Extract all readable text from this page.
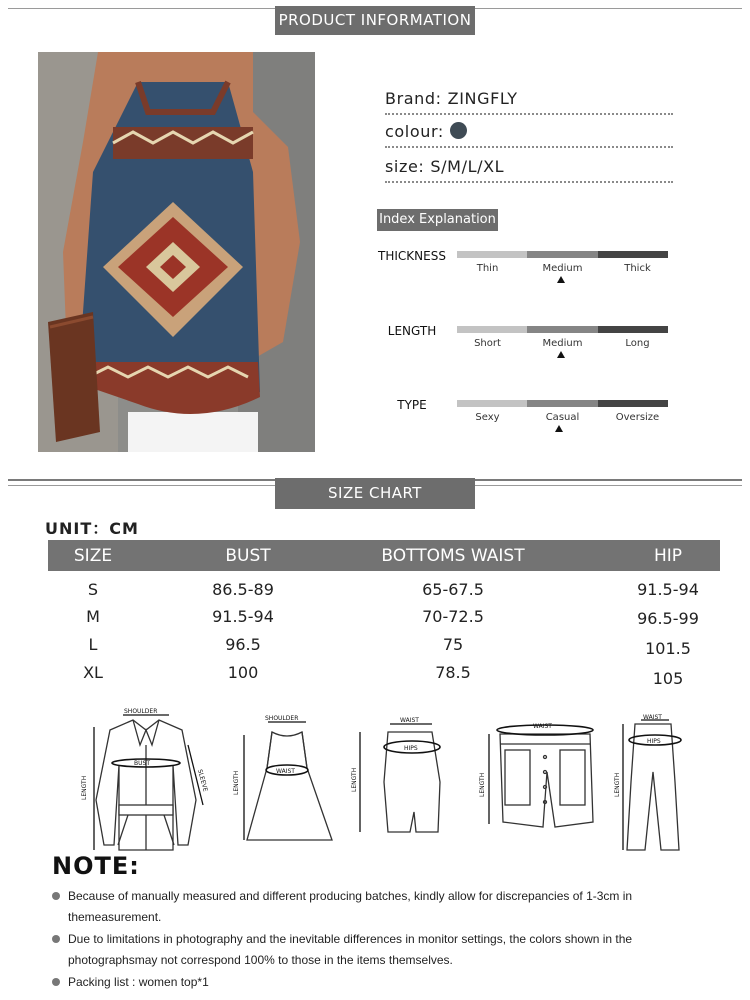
PRODUCT INFORMATION
Brand: ZINGFLY
colour:
size: S/M/L/XL
Index Explanation
THICKNESS
Thin	Medium	Thick
LENGTH
Short	Medium	Long
TYPE
Sexy	Casual	Oversize
SIZE CHART
UNIT：CM
SIZE	BUST	BOTTOMS WAIST	HIP
S	86.5-89	65-67.5	91.5-94
M	91.5-94	70-72.5	96.5-99
L	96.5	75	101.5
XL	100	78.5	105
SHOULDER
BUST
LENGTH	SLEEVE
SHOULDER
WAIST
LENGTH
WAIST
HIPS
LENGTH
WAIST
LENGTH
WAIST
HIPS
LENGTH
NOTE:
Because of manually measured and different producing batches, kindly allow for discrepancies of 1-3cm in themeasurement.
Due to limitations in photography and the inevitable differences in monitor settings, the colors shown in the photographsmay not correspond 100% to those in the items themselves.
Packing list : women top*1
